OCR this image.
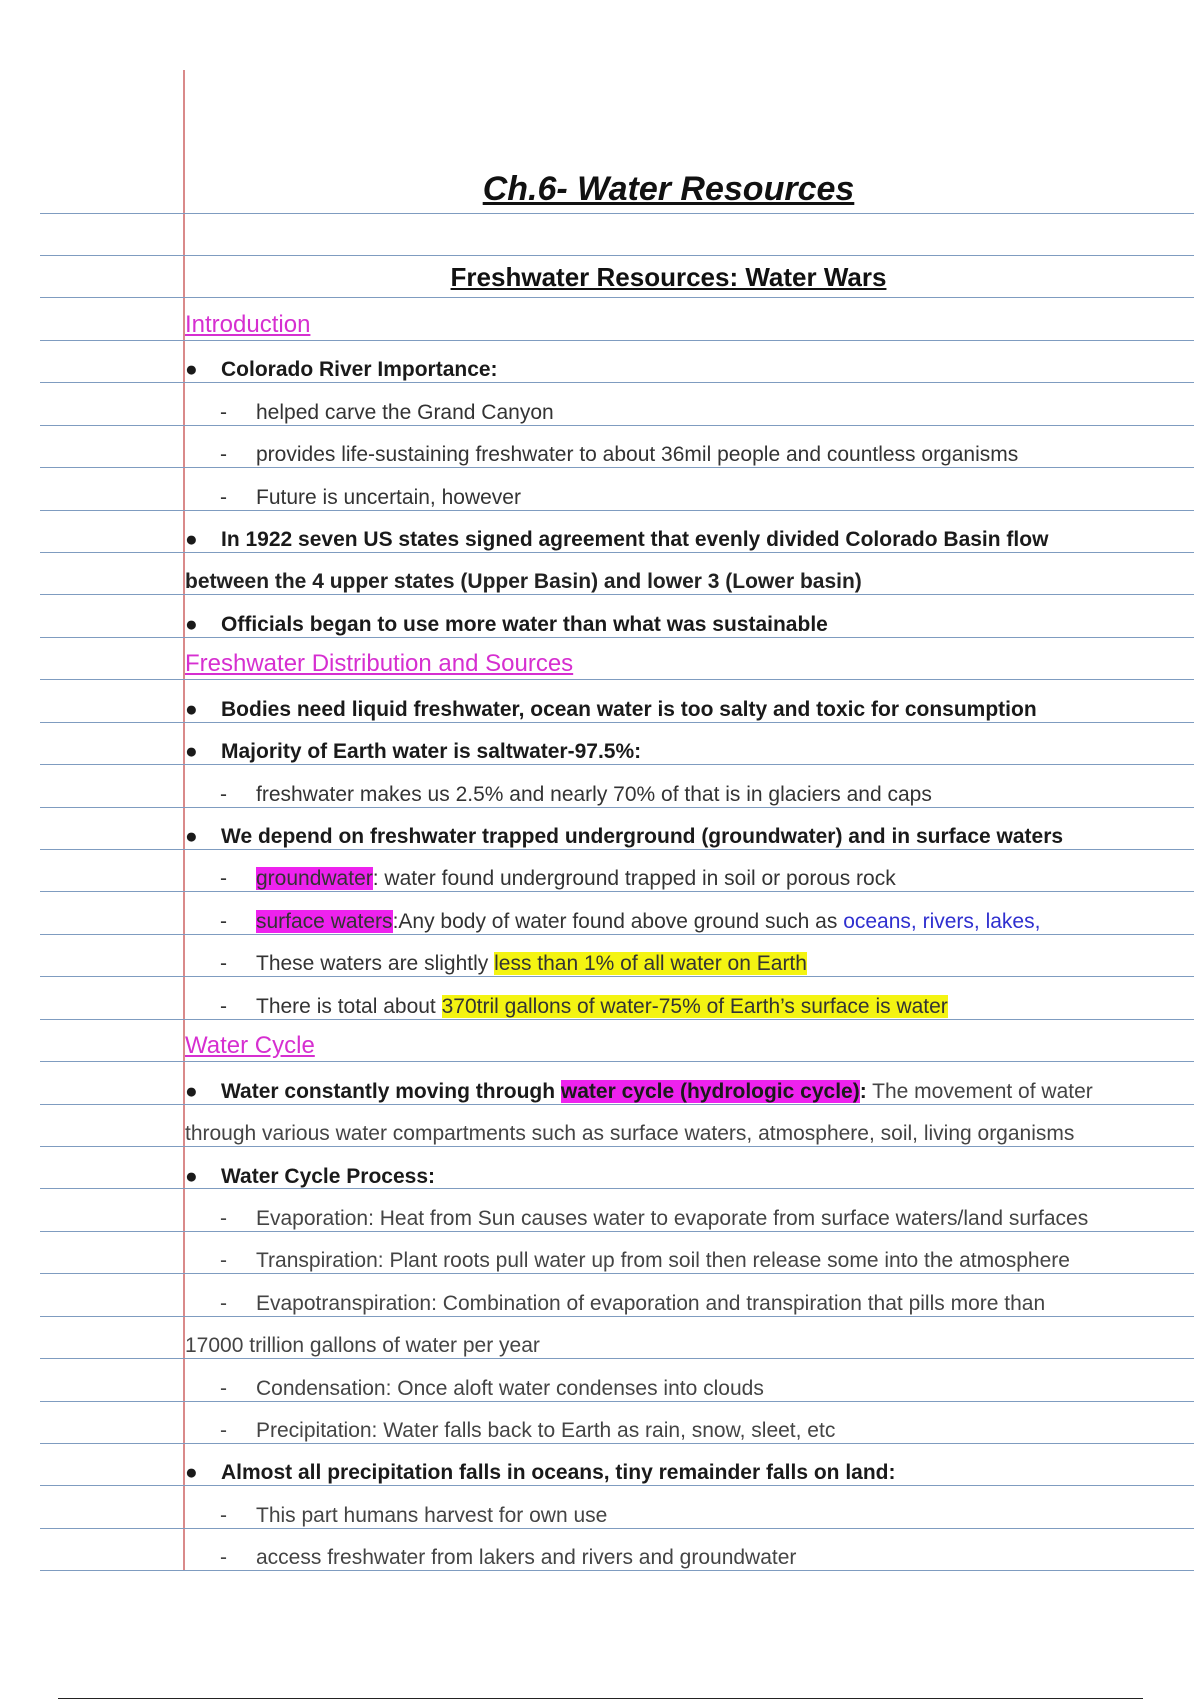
Ch.6- Water Resources
Freshwater Resources: Water Wars
Introduction
● Colorado River Importance:
- helped carve the Grand Canyon
- provides life-sustaining freshwater to about 36mil people and countless organisms
- Future is uncertain, however
● In 1922 seven US states signed agreement that evenly divided Colorado Basin flow
between the 4 upper states (Upper Basin) and lower 3 (Lower basin)
● Officials began to use more water than what was sustainable
Freshwater Distribution and Sources
● Bodies need liquid freshwater, ocean water is too salty and toxic for consumption
● Majority of Earth water is saltwater-97.5%:
- freshwater makes us 2.5% and nearly 70% of that is in glaciers and caps
● We depend on freshwater trapped underground (groundwater) and in surface waters
- groundwater: water found underground trapped in soil or porous rock
- surface waters:Any body of water found above ground such as oceans, rivers, lakes,
- These waters are slightly less than 1% of all water on Earth
- There is total about 370tril gallons of water-75% of Earth’s surface is water
Water Cycle
● Water constantly moving through water cycle (hydrologic cycle): The movement of water
through various water compartments such as surface waters, atmosphere, soil, living organisms
● Water Cycle Process:
- Evaporation: Heat from Sun causes water to evaporate from surface waters/land surfaces
- Transpiration: Plant roots pull water up from soil then release some into the atmosphere
- Evapotranspiration: Combination of evaporation and transpiration that pills more than
17000 trillion gallons of water per year
- Condensation: Once aloft water condenses into clouds
- Precipitation: Water falls back to Earth as rain, snow, sleet, etc
● Almost all precipitation falls in oceans, tiny remainder falls on land:
- This part humans harvest for own use
- access freshwater from lakers and rivers and groundwater
